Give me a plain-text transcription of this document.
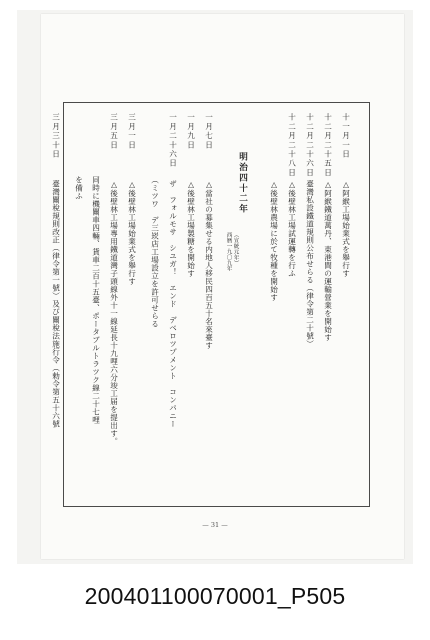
十一月一日
△阿緱工場始業式を舉行す
十二月二十五日
△阿緱鐵道萬丹、東港間の運輸營業を開始す
十二月二十六日
臺灣私設鐵道規則公布せらる（律令第二十號）
十二月二十八日
△後壁林工場試運轉を行ふ
△後壁林農場に於て牧種を開始す
明治四十二年
（宣統元年）
西暦一九〇九年
一月七日
△當社の募集せる内地人移民四百五十名來臺す
一月九日
△後壁林工場製糖を開始す
一月二十六日
ザ　フォルモサ　シユガ！　エンド　デベロツプメント　コンパニー
（ミツワ　デ三崁店工場設立を許可せらる
三月一日
△後壁林工場始業式を舉行す
三月五日
△後壁林工場專用鐵道灣子頭線外十一線延長十九哩六分竣工届を提出す。
同時に機關車四輛、貨車二百十五臺、ポータブルトラツク線二十七哩
を備ふ
三月三十日
臺灣關稅規則改正（律令第一號）及び關稅法施行令（勅令第五十六號
— 31 —
200401100070001_P505
